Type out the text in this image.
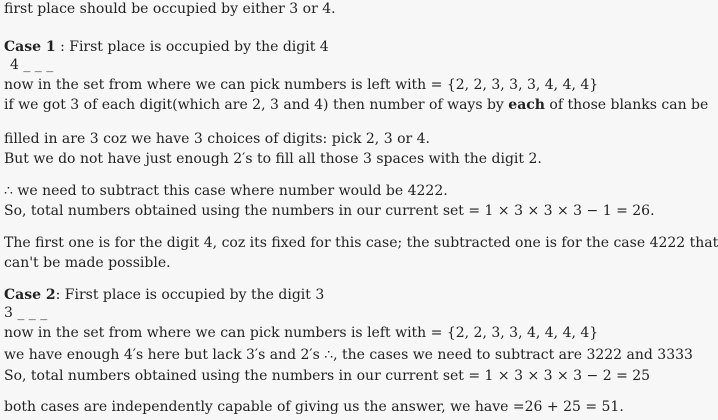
first place should be occupied by either 3 or 4.
Case 1 : First place is occupied by the digit 4
4 _ _ _
now in the set from where we can pick numbers is left with = {2, 2, 3, 3, 3, 4, 4, 4}
if we got 3 of each digit(which are 2, 3 and 4) then number of ways by each of those blanks can be
filled in are 3 coz we have 3 choices of digits: pick 2, 3 or 4.
But we do not have just enough 2′s to fill all those 3 spaces with the digit 2.
∴ we need to subtract this case where number would be 4222.
So, total numbers obtained using the numbers in our current set = 1 × 3 × 3 × 3 − 1 = 26.
The first one is for the digit 4, coz its fixed for this case; the subtracted one is for the case 4222 that
can't be made possible.
Case 2: First place is occupied by the digit 3
3 _ _ _
now in the set from where we can pick numbers is left with = {2, 2, 3, 3, 4, 4, 4, 4}
we have enough 4′s here but lack 3′s and 2′s ∴, the cases we need to subtract are 3222 and 3333
So, total numbers obtained using the numbers in our current set = 1 × 3 × 3 × 3 − 2 = 25
both cases are independently capable of giving us the answer, we have =26 + 25 = 51.
